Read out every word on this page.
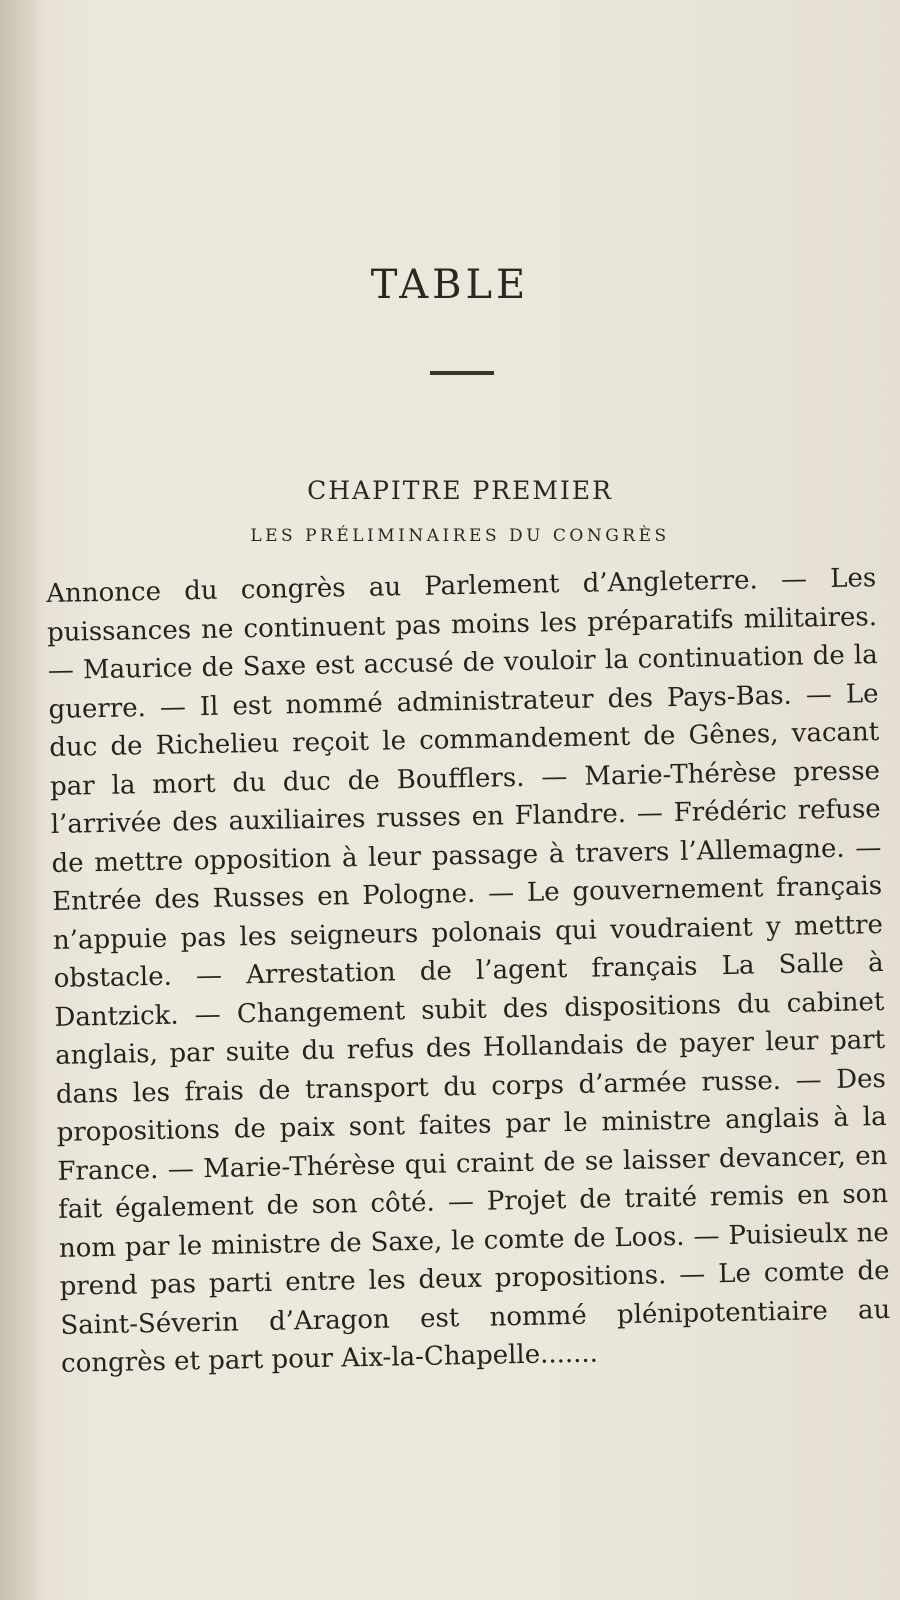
TABLE
CHAPITRE PREMIER
LES PRÉLIMINAIRES DU CONGRÈS
Annonce du congrès au Parlement d’Angleterre. — Les puissances ne continuent pas moins les préparatifs militaires. — Maurice de Saxe est accusé de vouloir la continuation de la guerre. — Il est nommé administrateur des Pays-Bas. — Le duc de Richelieu reçoit le commandement de Gênes, vacant par la mort du duc de Boufflers. — Marie-Thérèse presse l’arrivée des auxiliaires russes en Flandre. — Frédéric refuse de mettre opposition à leur passage à travers l’Allemagne. — Entrée des Russes en Pologne. — Le gouvernement français n’appuie pas les seigneurs polonais qui voudraient y mettre obstacle. — Arrestation de l’agent français La Salle à Dantzick. — Changement subit des dispositions du cabinet anglais, par suite du refus des Hollandais de payer leur part dans les frais de transport du corps d’armée russe. — Des propositions de paix sont faites par le ministre anglais à la France. — Marie-Thérèse qui craint de se laisser devancer, en fait également de son côté. — Projet de traité remis en son nom par le ministre de Saxe, le comte de Loos. — Puisieulx ne prend pas parti entre les deux propositions. — Le comte de Saint-Séverin d’Aragon est nommé plénipotentiaire au congrès et part pour Aix-la-Chapelle.......
